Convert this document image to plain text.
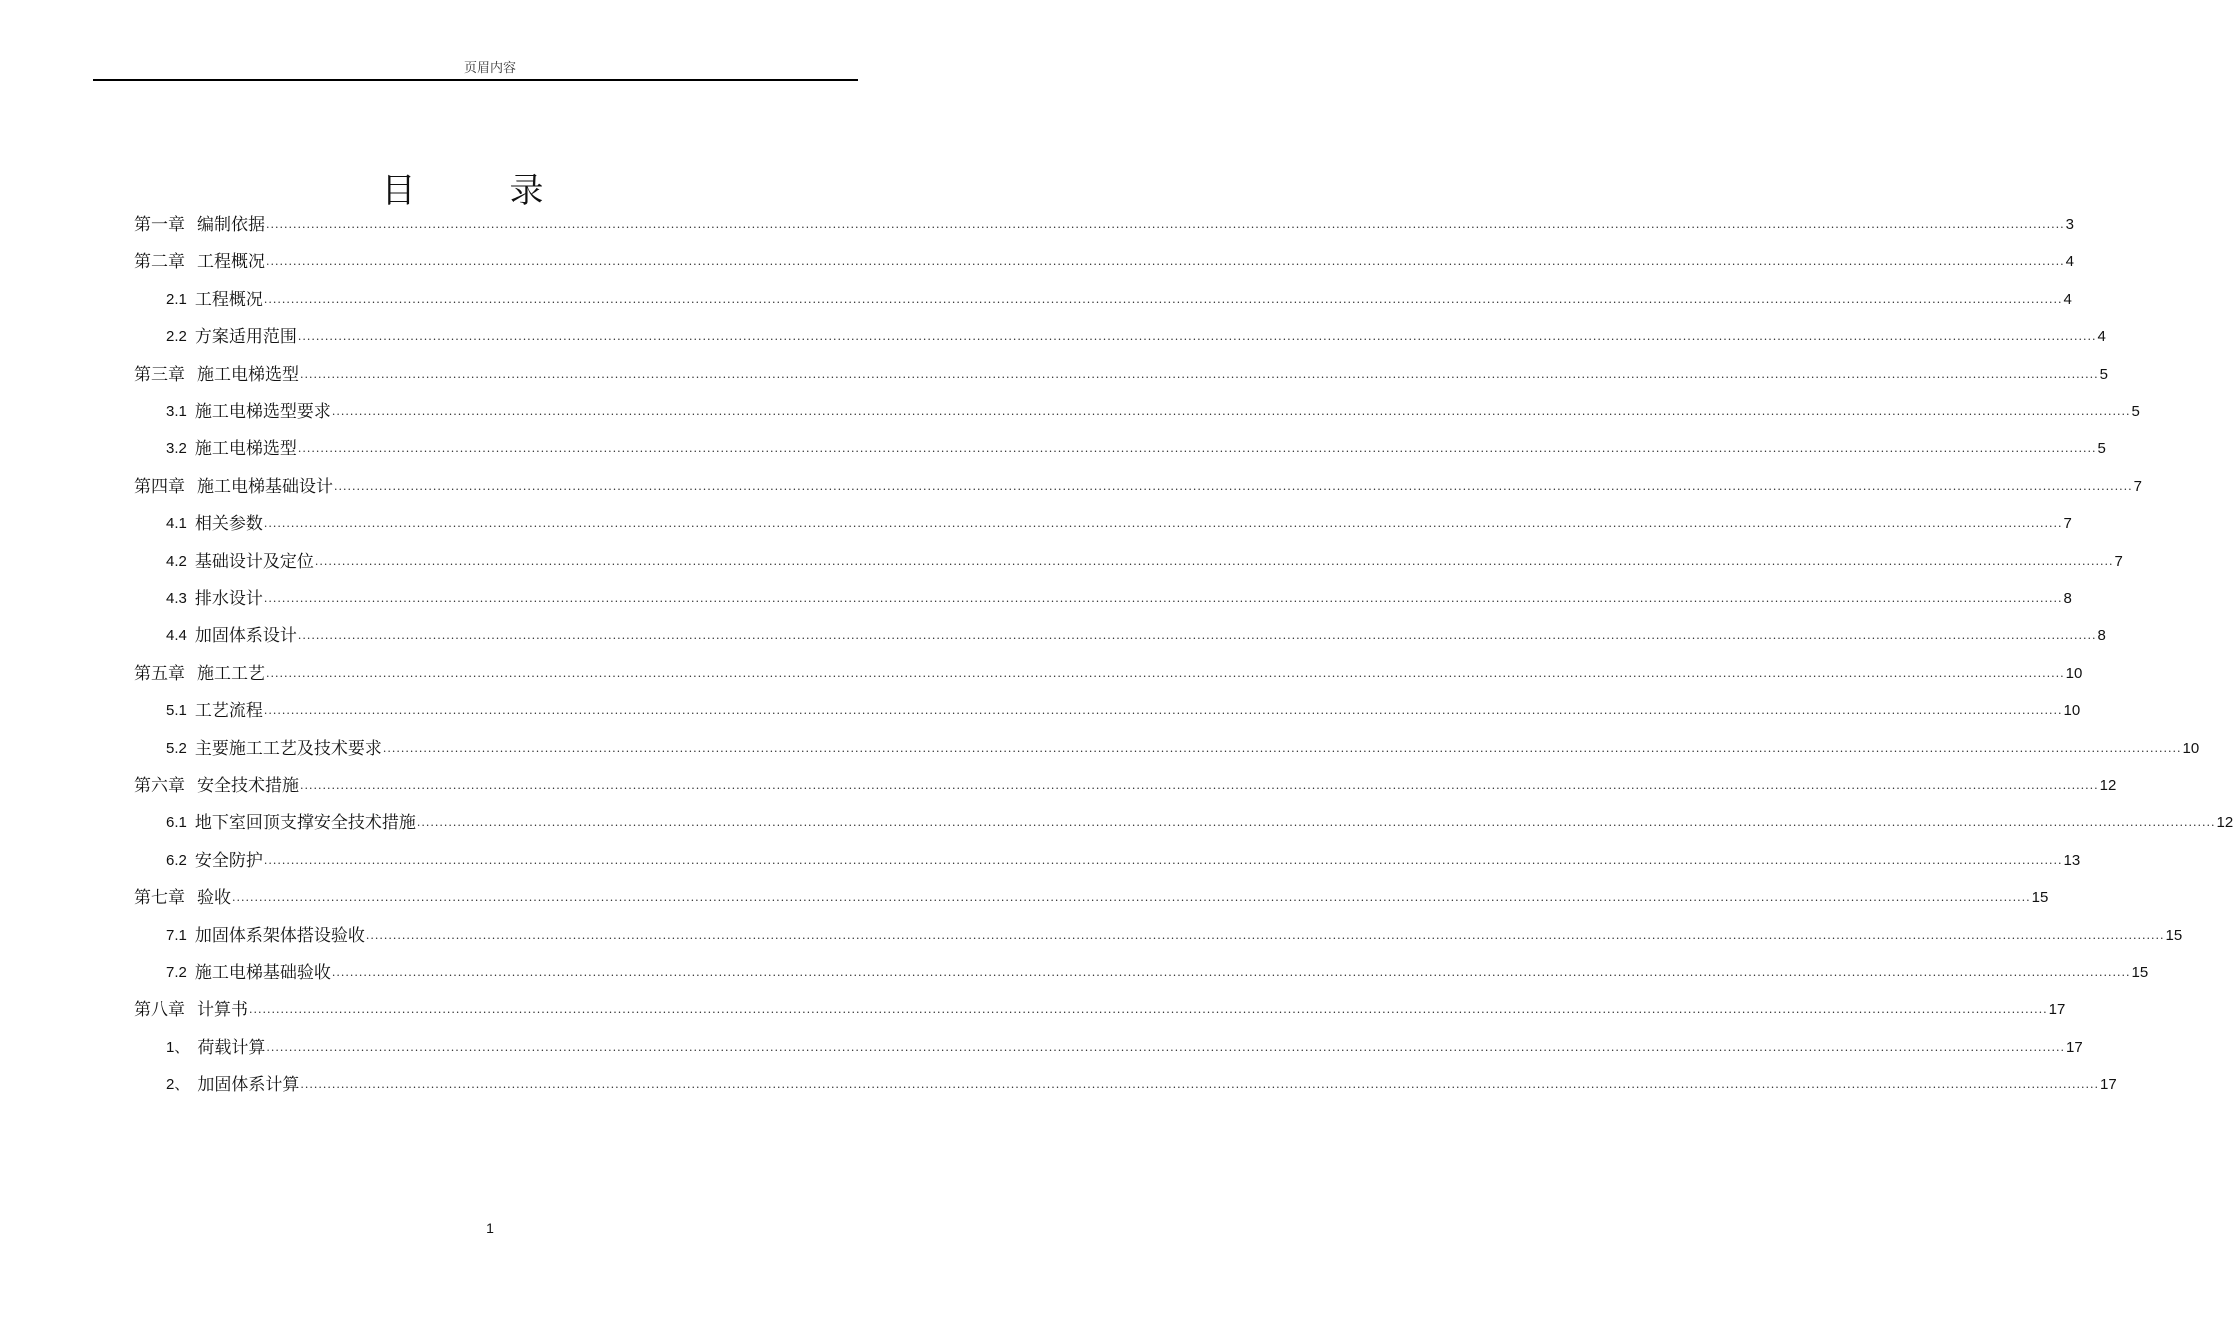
页眉内容
目　录
第一章 编制依据 ................................................................................................................................................................................................................................................................................................................................................................................................................ 3
第二章 工程概况 ................................................................................................................................................................................................................................................................................................................................................................................................................ 4
2.1 工程概况 ................................................................................................................................................................................................................................................................................................................................................................................................................ 4
2.2 方案适用范围 ................................................................................................................................................................................................................................................................................................................................................................................................................ 4
第三章 施工电梯选型 ................................................................................................................................................................................................................................................................................................................................................................................................................ 5
3.1 施工电梯选型要求 ................................................................................................................................................................................................................................................................................................................................................................................................................ 5
3.2 施工电梯选型 ................................................................................................................................................................................................................................................................................................................................................................................................................ 5
第四章 施工电梯基础设计 ................................................................................................................................................................................................................................................................................................................................................................................................................ 7
4.1 相关参数 ................................................................................................................................................................................................................................................................................................................................................................................................................ 7
4.2 基础设计及定位 ................................................................................................................................................................................................................................................................................................................................................................................................................ 7
4.3 排水设计 ................................................................................................................................................................................................................................................................................................................................................................................................................ 8
4.4 加固体系设计 ................................................................................................................................................................................................................................................................................................................................................................................................................ 8
第五章 施工工艺 ................................................................................................................................................................................................................................................................................................................................................................................................................ 10
5.1 工艺流程 ................................................................................................................................................................................................................................................................................................................................................................................................................ 10
5.2 主要施工工艺及技术要求 ................................................................................................................................................................................................................................................................................................................................................................................................................ 10
第六章 安全技术措施 ................................................................................................................................................................................................................................................................................................................................................................................................................ 12
6.1 地下室回顶支撑安全技术措施 ................................................................................................................................................................................................................................................................................................................................................................................................................ 12
6.2 安全防护 ................................................................................................................................................................................................................................................................................................................................................................................................................ 13
第七章 验收 ................................................................................................................................................................................................................................................................................................................................................................................................................ 15
7.1 加固体系架体搭设验收 ................................................................................................................................................................................................................................................................................................................................................................................................................ 15
7.2 施工电梯基础验收 ................................................................................................................................................................................................................................................................................................................................................................................................................ 15
第八章 计算书 ................................................................................................................................................................................................................................................................................................................................................................................................................ 17
1、 荷载计算 ................................................................................................................................................................................................................................................................................................................................................................................................................ 17
2、 加固体系计算 ................................................................................................................................................................................................................................................................................................................................................................................................................ 17
1
